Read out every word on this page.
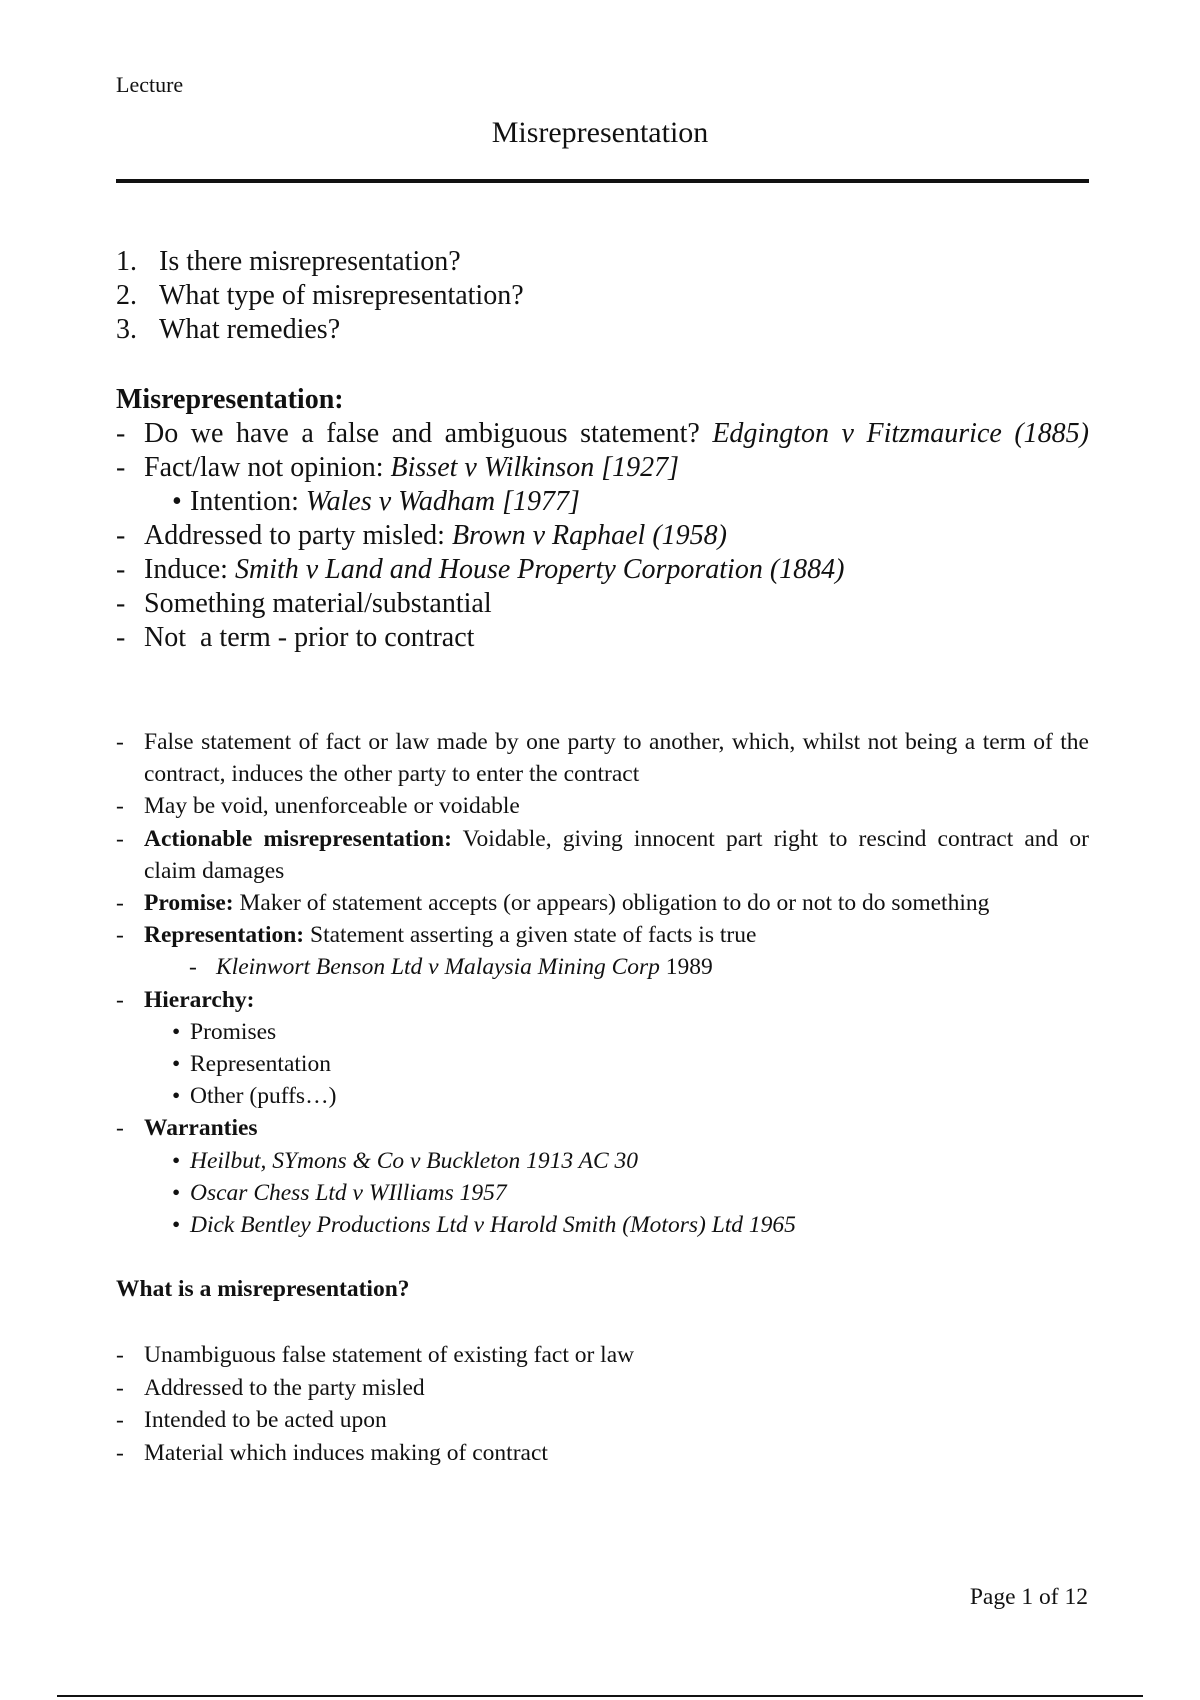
Lecture
Misrepresentation
1. Is there misrepresentation?
2. What type of misrepresentation?
3. What remedies?
Misrepresentation:
- Do we have a false and ambiguous statement? Edgington v Fitzmaurice (1885)
- Fact/law not opinion: Bisset v Wilkinson [1927]
• Intention: Wales v Wadham [1977]
- Addressed to party misled: Brown v Raphael (1958)
- Induce: Smith v Land and House Property Corporation (1884)
- Something material/substantial
- Not  a term - prior to contract
- False statement of fact or law made by one party to another, which, whilst not being a term of the contract, induces the other party to enter the contract
- May be void, unenforceable or voidable
- Actionable misrepresentation: Voidable, giving innocent part right to rescind contract and or claim damages
- Promise: Maker of statement accepts (or appears) obligation to do or not to do something
- Representation: Statement asserting a given state of facts is true
- Kleinwort Benson Ltd v Malaysia Mining Corp 1989
- Hierarchy:
• Promises
• Representation
• Other (puffs…)
- Warranties
• Heilbut, SYmons & Co v Buckleton 1913 AC 30
• Oscar Chess Ltd v WIlliams 1957
• Dick Bentley Productions Ltd v Harold Smith (Motors) Ltd 1965
What is a misrepresentation?
- Unambiguous false statement of existing fact or law
- Addressed to the party misled
- Intended to be acted upon
- Material which induces making of contract
Page 1 of 12
